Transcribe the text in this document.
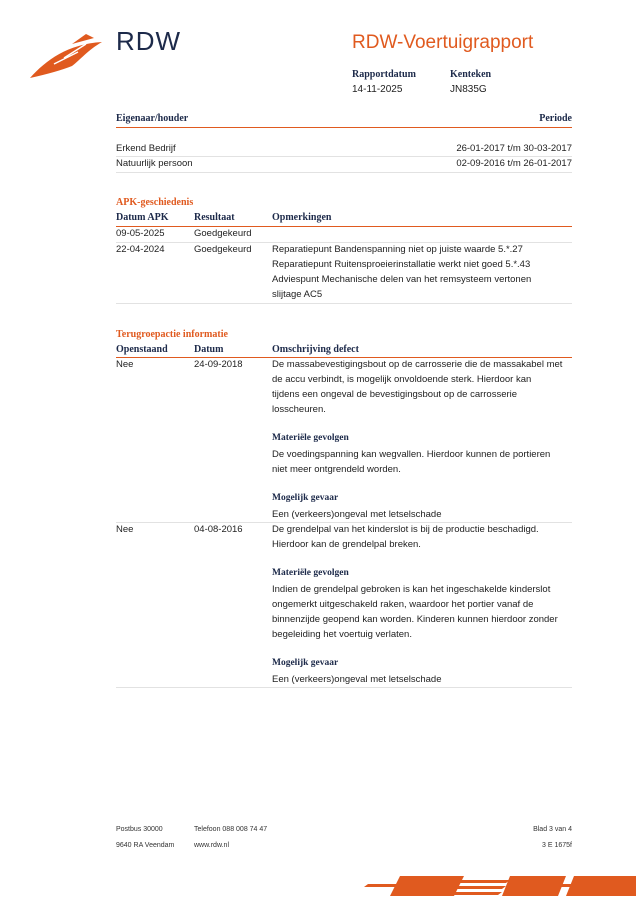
RDW	RDW-Voertuigrapport
Rapportdatum
14-11-2025
Kenteken
JN835G
Eigenaar/houder	Periode
Erkend Bedrijf	26-01-2017 t/m 30-03-2017
Natuurlijk persoon	02-09-2016 t/m 26-01-2017
APK-geschiedenis
Datum APK	Resultaat	Opmerkingen
09-05-2025	Goedgekeurd
22-04-2024	Goedgekeurd Reparatiepunt Bandenspanning niet op juiste waarde 5.*.27
Reparatiepunt Ruitensproeierinstallatie werkt niet goed 5.*.43
Adviespunt Mechanische delen van het remsysteem vertonen
slijtage AC5
Terugroepactie informatie
Openstaand	Datum	Omschrijving defect
Nee	24-09-2018	De massabevestigingsbout op de carrosserie die de massakabel met
de accu verbindt, is mogelijk onvoldoende sterk. Hierdoor kan
tijdens een ongeval de bevestigingsbout op de carrosserie
losscheuren.
Materiële gevolgen
De voedingspanning kan wegvallen. Hierdoor kunnen de portieren
niet meer ontgrendeld worden.
Mogelijk gevaar
Een (verkeers)ongeval met letselschade
Nee	04-08-2016	De grendelpal van het kinderslot is bij de productie beschadigd.
Hierdoor kan de grendelpal breken.
Materiële gevolgen
Indien de grendelpal gebroken is kan het ingeschakelde kinderslot
ongemerkt uitgeschakeld raken, waardoor het portier vanaf de
binnenzijde geopend kan worden. Kinderen kunnen hierdoor zonder
begeleiding het voertuig verlaten.
Mogelijk gevaar
Een (verkeers)ongeval met letselschade
Postbus 30000
9640 RA Veendam
Telefoon 088 008 74 47
www.rdw.nl
Blad 3 van 4
3 E 1675f
